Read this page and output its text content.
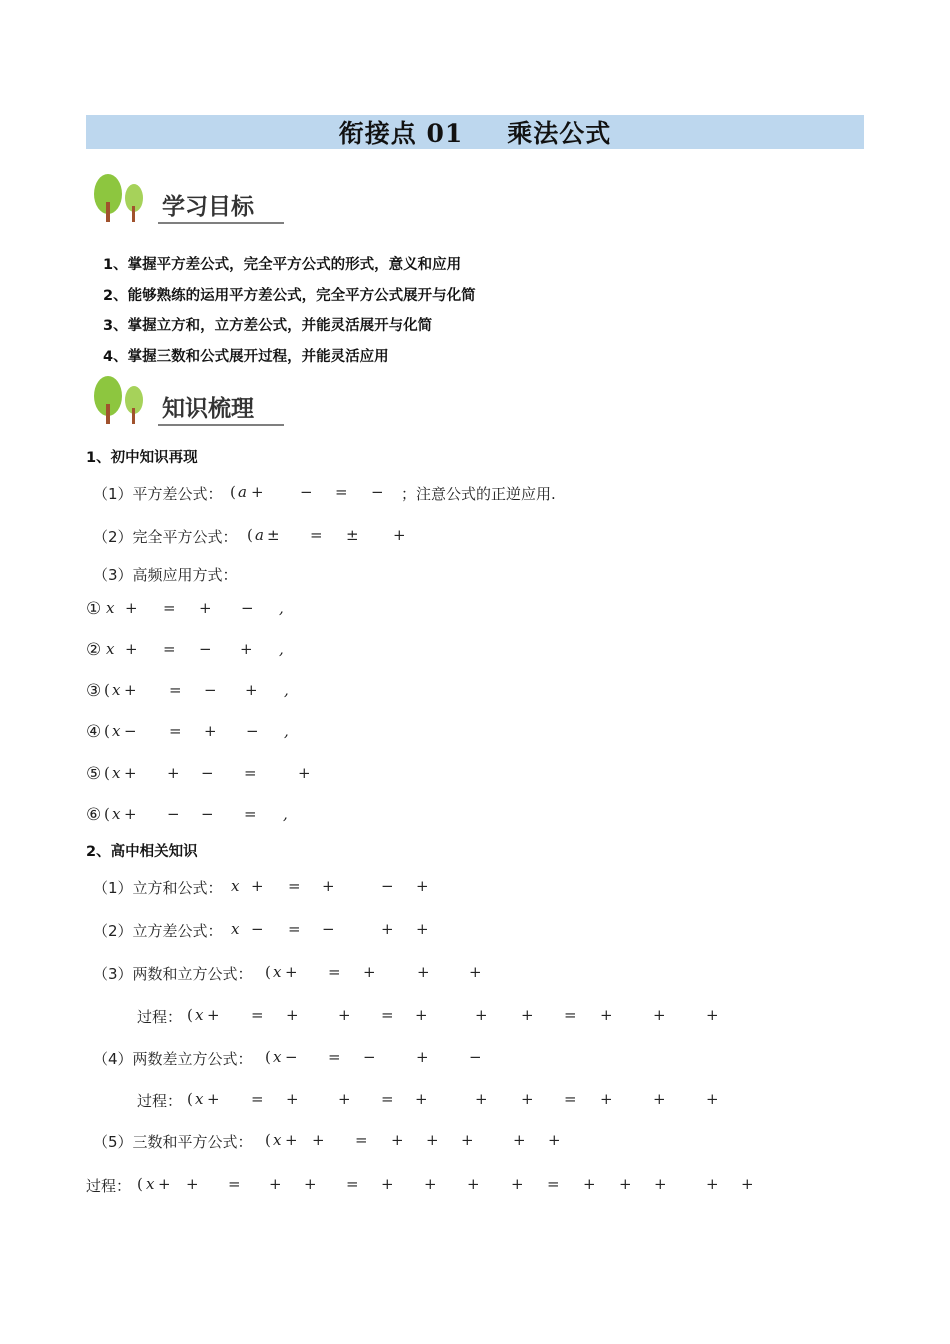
衔接点 01 乘法公式
学习目标
1、掌握平方差公式，完全平方公式的形式，意义和应用
2、能够熟练的运用平方差公式，完全平方公式展开与化简
3、掌握立方和，立方差公式，并能灵活展开与化简
4、掌握三数和公式展开过程，并能灵活应用
知识梳理
1、初中知识再现
（1）平方差公式： ( a + − = − ；注意公式的正逆应用.
（2）完全平方公式： ( a ± = ± +
（3）高频应用方式：
① x + = + − ,
② x + = − + ,
③ ( x + = − + ,
④ ( x − = + − ,
⑤ ( x + + − =	+
⑥ ( x + − − = ,
2、高中相关知识
（1）立方和公式： x + = +	− +
（2）立方差公式： x − = −	+ +
（3）两数和立方公式： ( x + = +	+	+
过程： ( x + = +	+ = +	+ + = +	+	+
（4）两数差立方公式： ( x − = −	+	−
过程： ( x + = +	+ = +	+ + = +	+	+
（5）三数和平方公式： ( x + + = + + +	+ +
过程： ( x + + = + + = + + + + = + + +	+ +
